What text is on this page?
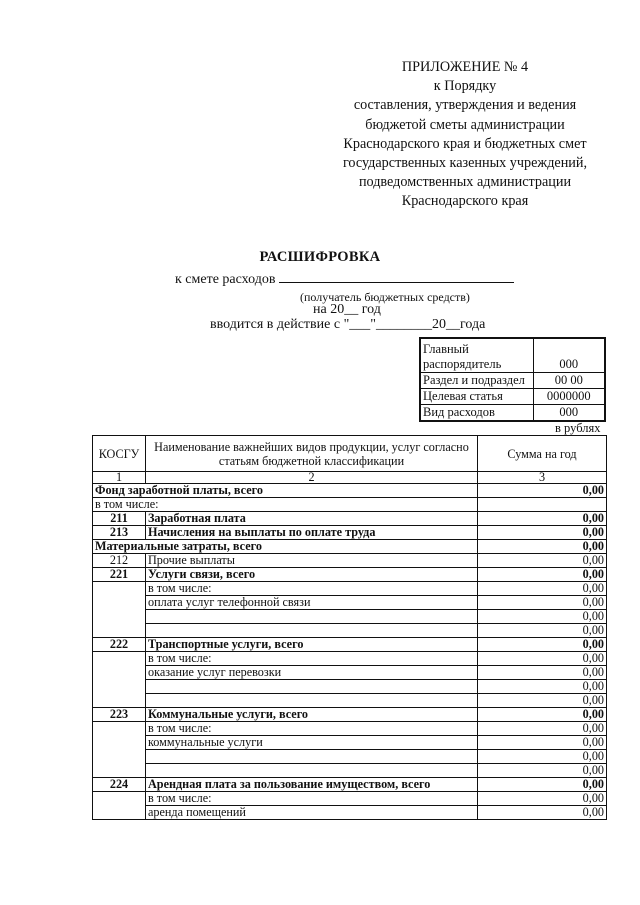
ПРИЛОЖЕНИЕ № 4
к Порядку
составления, утверждения и ведения
бюджетой сметы администрации
Краснодарского края и бюджетных смет
государственных казенных учреждений,
подведомственных администрации
Краснодарского края
РАСШИФРОВКА
к смете расходов
(получатель бюджетных средств)
на 20__ год
вводится в действие с "___"________20__года
Главный
распорядитель	000
Раздел и подраздел	00 00
Целевая статья	0000000
Вид расходов	000
в рублях
КОСГУ	Наименование важнейших видов продукции, услуг согласно статьям бюджетной классификации	Сумма на год
1	2	3
Фонд заработной платы, всего		0,00
в том числе:		
211	Заработная плата	0,00
213	Начисления на выплаты по оплате труда	0,00
Материальные затраты, всего		0,00
212	Прочие выплаты	0,00
221	Услуги связи, всего	0,00
	в том числе:	0,00
	оплата услуг телефонной связи	0,00
		0,00
		0,00
222	Транспортные услуги, всего	0,00
	в том числе:	0,00
	оказание услуг перевозки	0,00
		0,00
		0,00
223	Коммунальные услуги, всего	0,00
	в том числе:	0,00
	коммунальные услуги	0,00
		0,00
		0,00
224	Арендная плата за пользование имуществом, всего	0,00
	в том числе:	0,00
	аренда помещений	0,00
